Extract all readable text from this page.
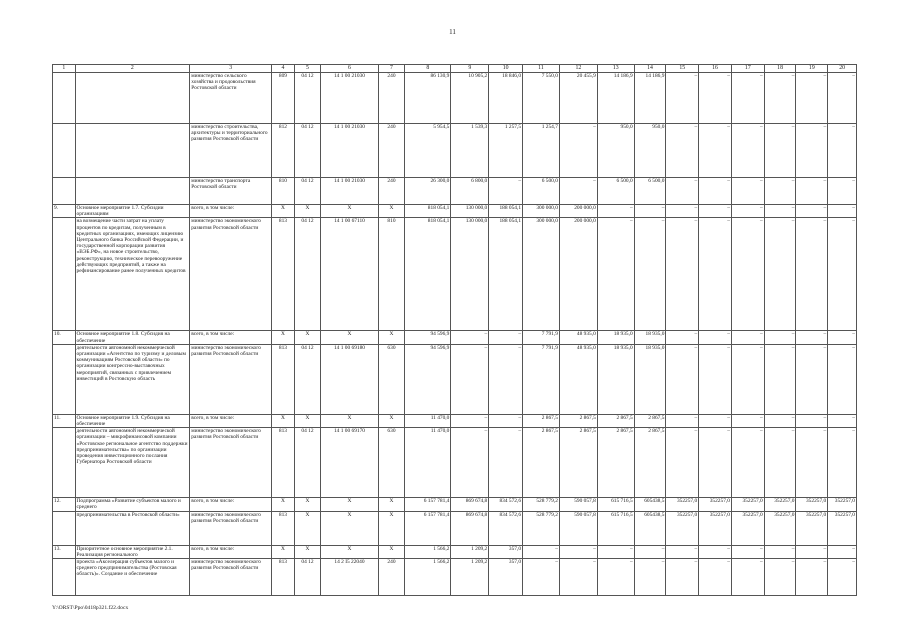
11
1	2	3	4	5	6	7	8	9	10	11	12	13	14	15	16	17	18	19	20
		министерство сельского хозяйства и продовольствия Ростовской области	809	04 12	14 1 00 21030	240	86 130,9	10 905,2	18 846,0	7 550,0	20 455,9	14 186,9	14 186,9	–	–	–	–	–	–
		министерство строительства, архитектуры и территориального развития Ростовской области	812	04 12	14 1 00 21030	240	5 954,5	1 539,3	1 257,5	1 254,7	–	950,0	950,0	–	–	–	–	–	–
		министерство транспорта Ростовской области	810	04 12	14 1 00 21030	240	26 300,0	6 800,0	–	6 500,0	–	6 500,0	6 500,0	–	–	–	–	–	–
9.	Основное мероприятие 1.7. Субсидии организациям	всего, в том числе:	X	X	X	X	818 054,1	130 000,0	188 054,1	300 000,0	200 000,0	–	–	–	–	–	–	–	–
	на возмещение части затрат на уплату процентов по кредитам, полученным в кредитных организациях, имеющих лицензию Центрального банка Российской Федерации, и государственной корпорации развития «ВЭБ.РФ», на новое строительство, реконструкцию, техническое перевооружение действующих предприятий, а также на рефинансирование ранее полученных кредитов	министерство экономического развития Ростовской области	813	04 12	14 1 00 67110	810	818 054,1	130 000,0	188 054,1	300 000,0	200 000,0	–	–	–	–	–	–	–	–
10.	Основное мероприятие 1.8. Субсидия на обеспечение	всего, в том числе:	X	X	X	X	94 596,9	–	–	7 791,9	48 935,0	18 935,0	18 935,0	–	–	–	–	–	–
	деятельности автономной некоммерческой организации «Агентство по туризму и деловым коммуникациям Ростовской области» по организации конгрессно-выставочных мероприятий, связанных с привлечением инвестиций в Ростовскую область	министерство экономического развития Ростовской области	813	04 12	14 1 00 69180	630	94 596,9	–	–	7 791,9	48 935,0	18 935,0	18 935,0	–	–	–	–	–	–
11.	Основное мероприятие 1.9. Субсидия на обеспечение	всего, в том числе:	X	X	X	X	11 470,0	–	–	2 867,5	2 867,5	2 867,5	2 867,5	–	–	–	–	–	–
	деятельности автономной некоммерческой организации – микрофинансовой компании «Ростовское региональное агентство поддержки предпринимательства» по организации проведения инвестиционного послания Губернатора Ростовской области	министерство экономического развития Ростовской области	813	04 12	14 1 00 69170	630	11 470,0	–	–	2 867,5	2 867,5	2 867,5	2 867,5	–	–	–	–	–	–
12.	Подпрограмма «Развитие субъектов малого и среднего	всего, в том числе:	X	X	X	X	6 157 781,4	869 674,8	834 572,6	528 779,2	590 057,8	615 716,5	605438,5	352257,0	352257,0	352257,0	352257,0	352257,0	352257,0
	предпринимательства в Ростовской области»	министерство экономического развития Ростовской области	813	X	X	X	6 157 781,4	869 674,8	834 572,6	528 779,2	590 057,8	615 716,5	605438,5	352257,0	352257,0	352257,0	352257,0	352257,0	352257,0
13.	Приоритетное основное мероприятие 2.1. Реализация регионального	всего, в том числе:	X	X	X	X	1 566,2	1 209,2	357,0	–	–	–	–	–	–	–	–	–	–
	проекта «Акселерация субъектов малого и среднего предпринимательства (Ростовская область)». Создание и обеспечение	министерство экономического развития Ростовской области	813	04 12	14 2 I5 22040	240	1 566,2	1 209,2	357,0	–	–	–	–	–	–	–	–	–	–
Y:\ORST\Ppo\0418p321.f22.docx
